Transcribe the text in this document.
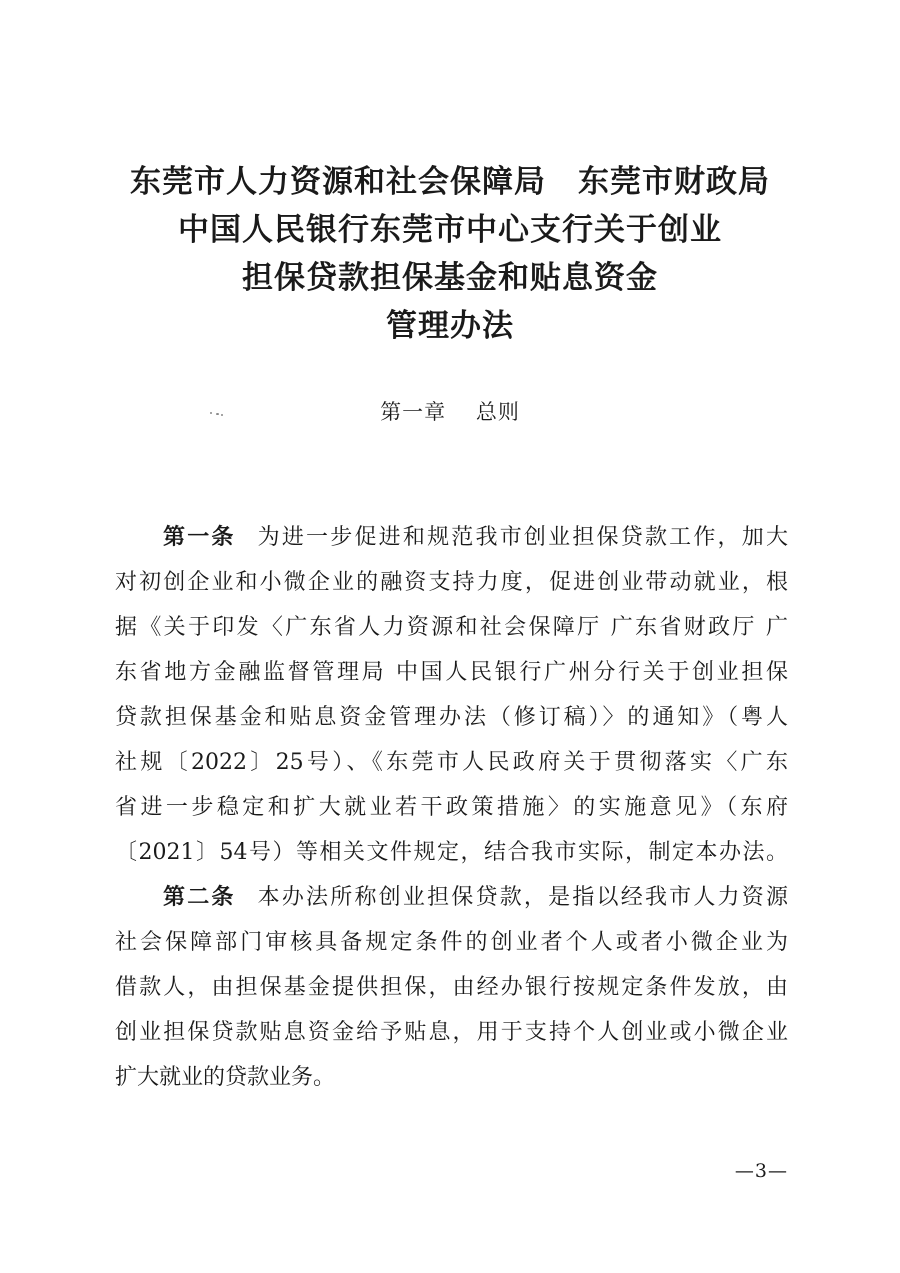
东莞市人力资源和社会保障局　东莞市财政局
中国人民银行东莞市中心支行关于创业
担保贷款担保基金和贴息资金
管理办法
第一章　 总则
第一条 为进一步促进和规范我市创业担保贷款工作，加大
对初创企业和小微企业的融资支持力度，促进创业带动就业，根
据《关于印发〈广东省人力资源和社会保障厅 广东省财政厅 广
东省地方金融监督管理局 中国人民银行广州分行关于创业担保
贷款担保基金和贴息资金管理办法（修订稿）〉的通知》（粤人
社规〔2022〕25号）、《东莞市人民政府关于贯彻落实〈广东
省进一步稳定和扩大就业若干政策措施〉的实施意见》（东府
〔2021〕54号）等相关文件规定，结合我市实际，制定本办法。
第二条 本办法所称创业担保贷款，是指以经我市人力资源
社会保障部门审核具备规定条件的创业者个人或者小微企业为
借款人，由担保基金提供担保，由经办银行按规定条件发放，由
创业担保贷款贴息资金给予贴息，用于支持个人创业或小微企业
扩大就业的贷款业务。
—3—
